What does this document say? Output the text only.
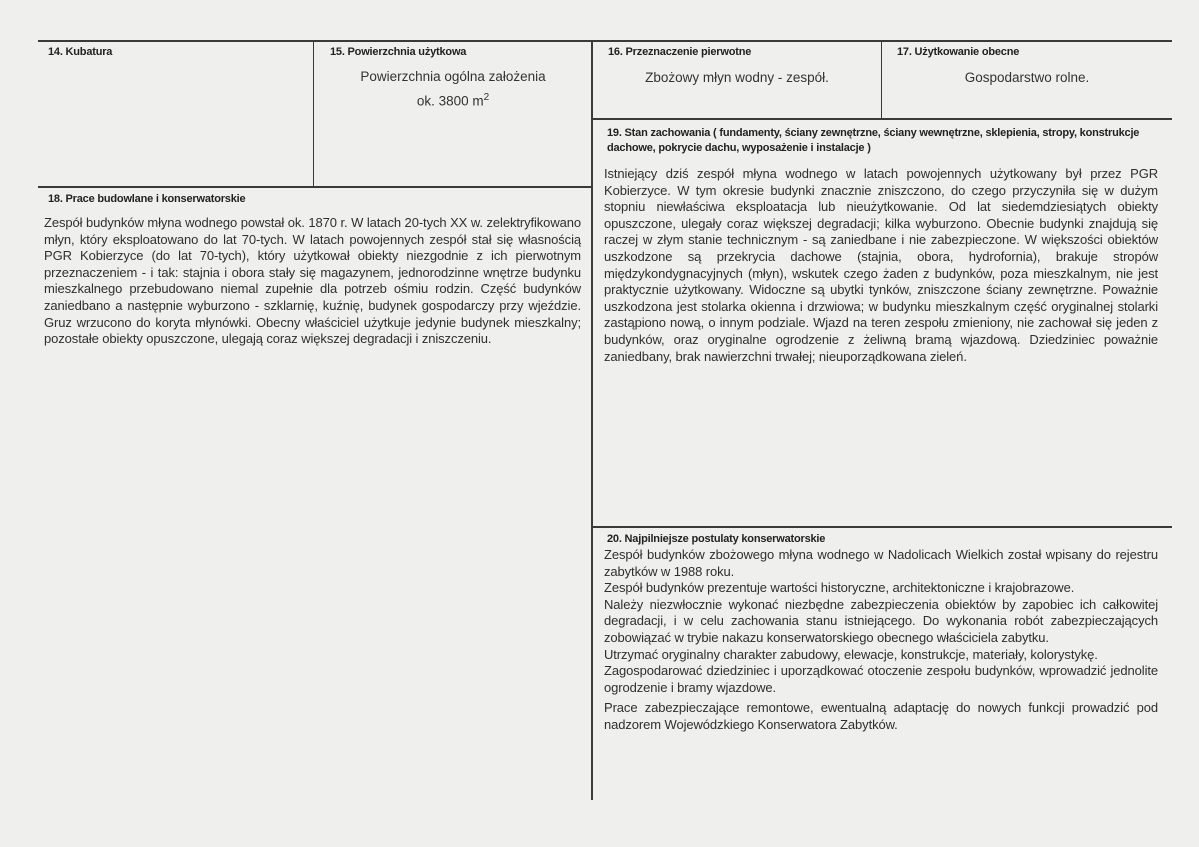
14. Kubatura	15. Powierzchnia użytkowa
Powierzchnia ogólna założenia
ok. 3800 $m^2$
16. Przeznaczenie pierwotne
Zbożowy młyn wodny - zespół.
17. Użytkowanie obecne
Gospodarstwo rolne.
18. Prace budowlane i konserwatorskie
Zespół budynków młyna wodnego powstał ok. 1870 r. W latach 20-tych XX w. zelektryfikowano młyn, który eksploatowano do lat 70-tych. W latach powojennych zespół stał się własnością PGR Kobierzyce (do lat 70-tych), który użytkował obiekty niezgodnie z ich pierwotnym przeznaczeniem - i tak: stajnia i obora stały się magazynem, jednorodzinne wnętrze budynku mieszkalnego przebudowano niemal zupełnie dla potrzeb ośmiu rodzin. Część budynków zaniedbano a następnie wyburzono - szklarnię, kuźnię, budynek gospodarczy przy wjeździe. Gruz wrzucono do koryta młynówki. Obecny właściciel użytkuje jedynie budynek mieszkalny; pozostałe obiekty opuszczone, ulegają coraz większej degradacji i zniszczeniu.
19. Stan zachowania ( fundamenty, ściany zewnętrzne, ściany wewnętrzne, sklepienia, stropy, konstrukcje dachowe, pokrycie dachu, wyposażenie i instalacje )
Istniejący dziś zespół młyna wodnego w latach powojennych użytkowany był przez PGR Kobierzyce. W tym okresie budynki znacznie zniszczono, do czego przyczyniła się w dużym stopniu niewłaściwa eksploatacja lub nieużytkowanie. Od lat siedemdziesiątych obiekty opuszczone, ulegały coraz większej degradacji; kilka wyburzono. Obecnie budynki znajdują się raczej w złym stanie technicznym - są zaniedbane i nie zabezpieczone. W większości obiektów uszkodzone są przekrycia dachowe (stajnia, obora, hydrofornia), brakuje stropów międzykondygnacyjnych (młyn), wskutek czego żaden z budynków, poza mieszkalnym, nie jest praktycznie użytkowany. Widoczne są ubytki tynków, zniszczone ściany zewnętrzne. Poważnie uszkodzona jest stolarka okienna i drzwiowa; w budynku mieszkalnym część oryginalnej stolarki zastąpiono nową, o innym podziale. Wjazd na teren zespołu zmieniony, nie zachował się jeden z budynków, oraz oryginalne ogrodzenie z żeliwną bramą wjazdową. Dziedziniec poważnie zaniedbany, brak nawierzchni trwałej; nieuporządkowana zieleń.
20. Najpilniejsze postulaty konserwatorskie

Zespół budynków zbożowego młyna wodnego w Nadolicach Wielkich został wpisany do rejestru zabytków w 1988 roku.

Zespół budynków prezentuje wartości historyczne, architektoniczne i krajobrazowe.

Należy niezwłocznie wykonać niezbędne zabezpieczenia obiektów by zapobiec ich całkowitej degradacji, i w celu zachowania stanu istniejącego. Do wykonania robót zabezpieczających zobowiązać w trybie nakazu konserwatorskiego obecnego właściciela zabytku.

Utrzymać oryginalny charakter zabudowy, elewacje, konstrukcje, materiały, kolorystykę.

Zagospodarować dziedziniec i uporządkować otoczenie zespołu budynków, wprowadzić jednolite ogrodzenie i bramy wjazdowe.

Prace zabezpieczające remontowe, ewentualną adaptację do nowych funkcji prowadzić pod nadzorem Wojewódzkiego Konserwatora Zabytków.
